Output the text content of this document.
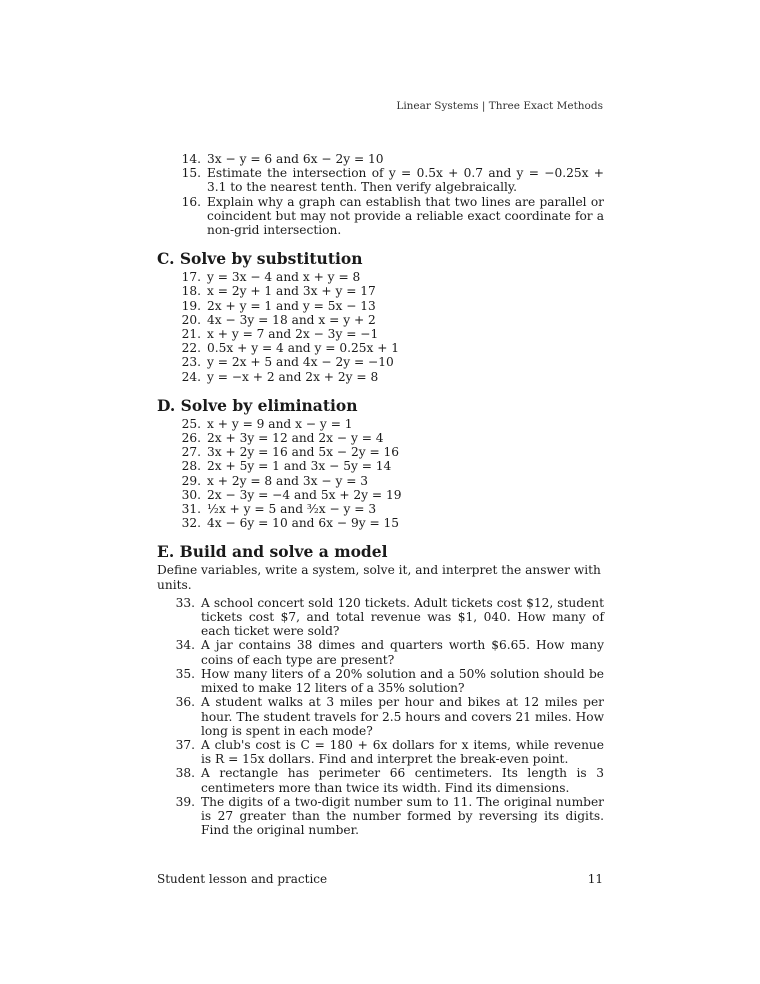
Linear Systems | Three Exact Methods
14. 3x − y = 6 and 6x − 2y = 10
15. Estimate the intersection of y = 0.5x + 0.7 and y = −0.25x + 3.1 to the nearest tenth. Then verify algebraically.
16. Explain why a graph can establish that two lines are parallel or coincident but may not provide a reliable exact coordinate for a non-grid intersection.
C. Solve by substitution
17. y = 3x − 4 and x + y = 8
18. x = 2y + 1 and 3x + y = 17
19. 2x + y = 1 and y = 5x − 13
20. 4x − 3y = 18 and x = y + 2
21. x + y = 7 and 2x − 3y = −1
22. 0.5x + y = 4 and y = 0.25x + 1
23. y = 2x + 5 and 4x − 2y = −10
24. y = −x + 2 and 2x + 2y = 8
D. Solve by elimination
25. x + y = 9 and x − y = 1
26. 2x + 3y = 12 and 2x − y = 4
27. 3x + 2y = 16 and 5x − 2y = 16
28. 2x + 5y = 1 and 3x − 5y = 14
29. x + 2y = 8 and 3x − y = 3
30. 2x − 3y = −4 and 5x + 2y = 19
31. ½x + y = 5 and ³⁄₂x − y = 3
32. 4x − 6y = 10 and 6x − 9y = 15
E. Build and solve a model

Define variables, write a system, solve it, and interpret the answer with units.

33. A school concert sold 120 tickets. Adult tickets cost $12, student tickets cost $7, and total revenue was $1, 040. How many of each ticket were sold?
34. A jar contains 38 dimes and quarters worth $6.65. How many coins of each type are present?
35. How many liters of a 20% solution and a 50% solution should be mixed to make 12 liters of a 35% solution?
36. A student walks at 3 miles per hour and bikes at 12 miles per hour. The student travels for 2.5 hours and covers 21 miles. How long is spent in each mode?
37. A club's cost is C = 180 + 6x dollars for x items, while revenue is R = 15x dollars. Find and interpret the break-even point.
38. A rectangle has perimeter 66 centimeters. Its length is 3 centimeters more than twice its width. Find its dimensions.
39. The digits of a two-digit number sum to 11. The original number is 27 greater than the number formed by reversing its digits. Find the original number.
Student lesson and practice	11
